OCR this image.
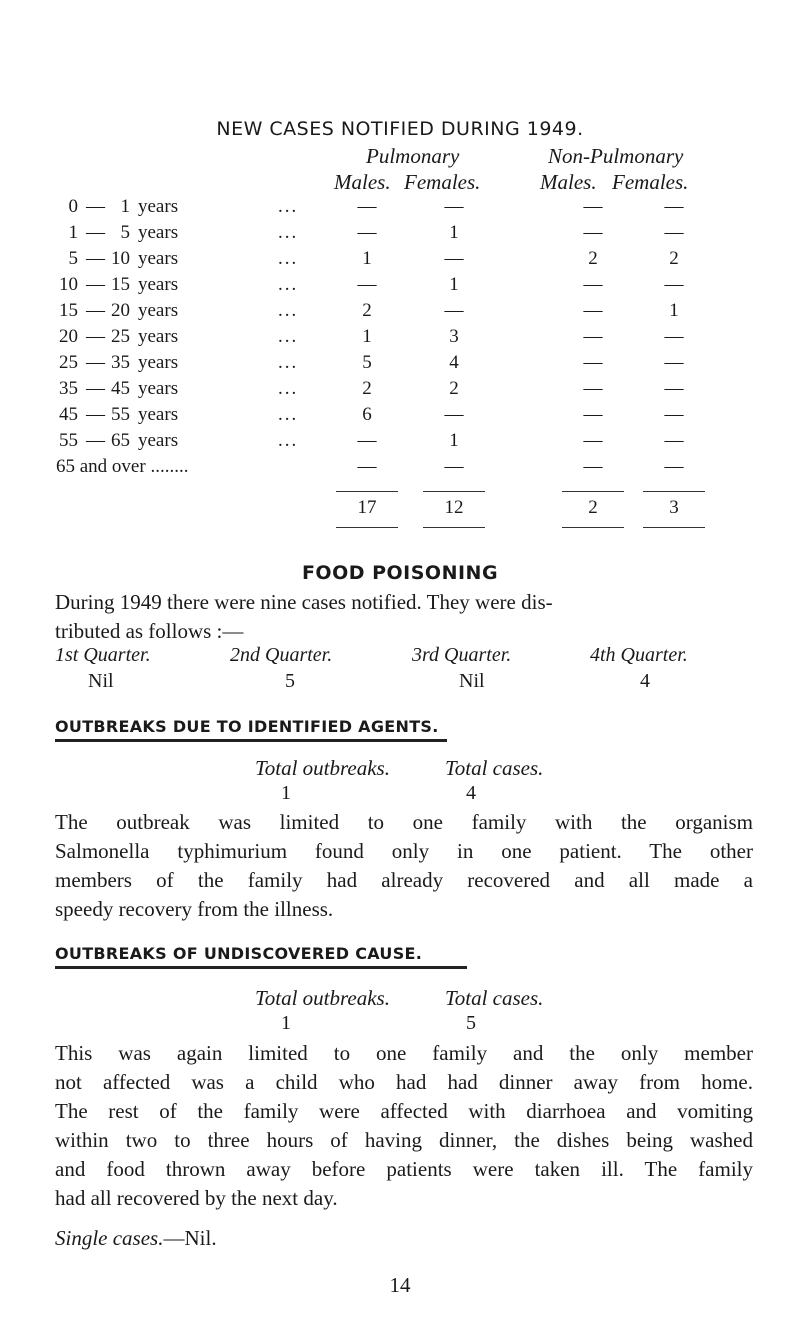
NEW CASES NOTIFIED DURING 1949.
Pulmonary	Non-Pulmonary
Males. Females.	Males. Females.
0 — 1 years	...	—	—	—	—
1 — 5 years	...	—	1	—	—
5 — 10 years	...	1	—	2	2
10 — 15 years	...	—	1	—	—
15 — 20 years	...	2	—	—	1
20 — 25 years	...	1	3	—	—
25 — 35 years	...	5	4	—	—
35 — 45 years	...	2	2	—	—
45 — 55 years	...	6	—	—	—
55 — 65 years	...	—	1	—	—
65 and over ........	—	—	—	—
17	12	2	3
FOOD POISONING
During 1949 there were nine cases notified. They were dis-
tributed as follows :—
1st Quarter.	2nd Quarter.	3rd Quarter.	4th Quarter.
Nil	5	Nil	4
OUTBREAKS DUE TO IDENTIFIED AGENTS.
Total outbreaks.	Total cases.
1	4
The outbreak was limited to one family with the organism
Salmonella typhimurium found only in one patient. The other
members of the family had already recovered and all made a
speedy recovery from the illness.
OUTBREAKS OF UNDISCOVERED CAUSE.
Total outbreaks.	Total cases.
1	5
This was again limited to one family and the only member
not affected was a child who had had dinner away from home.
The rest of the family were affected with diarrhoea and vomiting
within two to three hours of having dinner, the dishes being washed
and food thrown away before patients were taken ill. The family
had all recovered by the next day.
Single cases.—Nil.
14
